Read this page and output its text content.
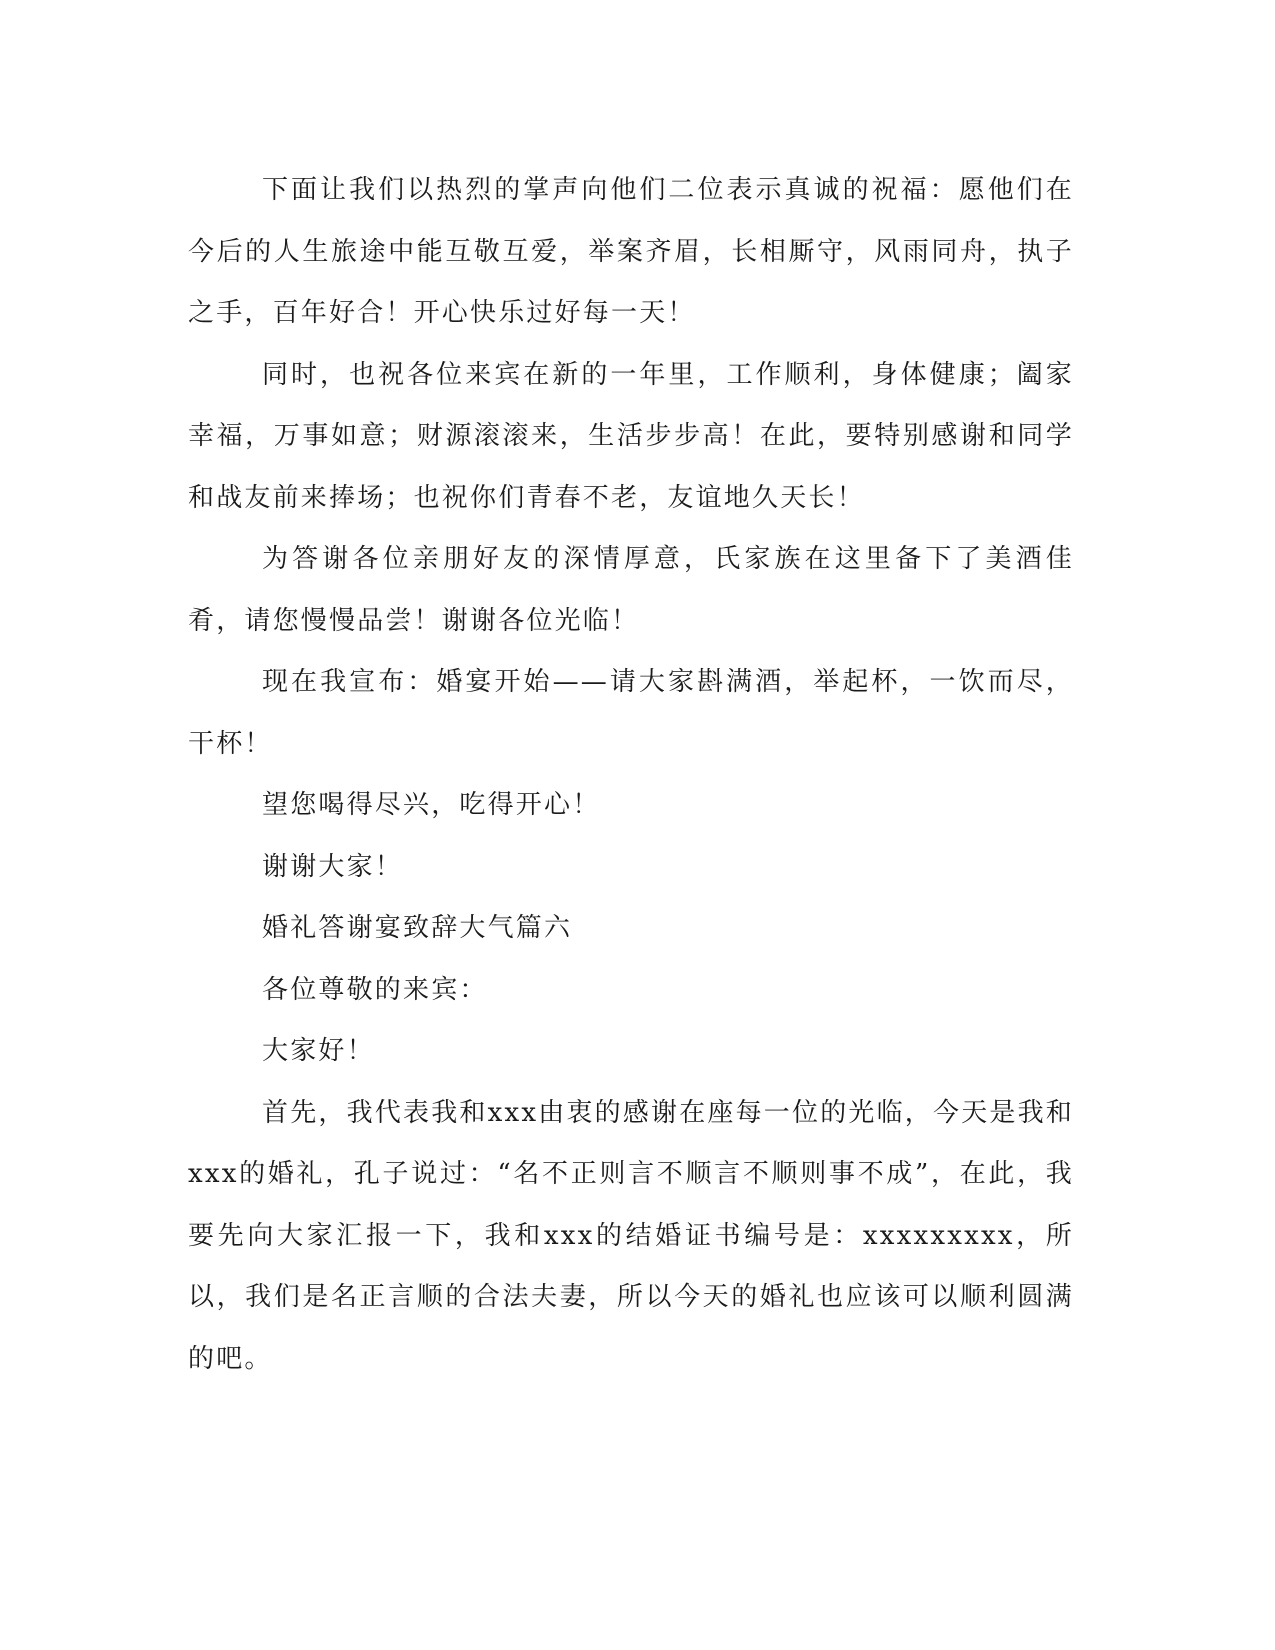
下面让我们以热烈的掌声向他们二位表示真诚的祝福：愿他们在今后的人生旅途中能互敬互爱，举案齐眉，长相厮守，风雨同舟，执子之手，百年好合！开心快乐过好每一天！

同时，也祝各位来宾在新的一年里，工作顺利，身体健康；阖家幸福，万事如意；财源滚滚来，生活步步高！在此，要特别感谢和同学和战友前来捧场；也祝你们青春不老，友谊地久天长！

为答谢各位亲朋好友的深情厚意，氏家族在这里备下了美酒佳肴，请您慢慢品尝！谢谢各位光临！

现在我宣布：婚宴开始——请大家斟满酒，举起杯，一饮而尽，干杯！

望您喝得尽兴，吃得开心！

谢谢大家！

婚礼答谢宴致辞大气篇六

各位尊敬的来宾：

大家好！

首先，我代表我和xxx由衷的感谢在座每一位的光临，今天是我和xxx的婚礼，孔子说过：“名不正则言不顺言不顺则事不成”，在此，我要先向大家汇报一下，我和xxx的结婚证书编号是：xxxxxxxxx，所以，我们是名正言顺的合法夫妻，所以今天的婚礼也应该可以顺利圆满的吧。
